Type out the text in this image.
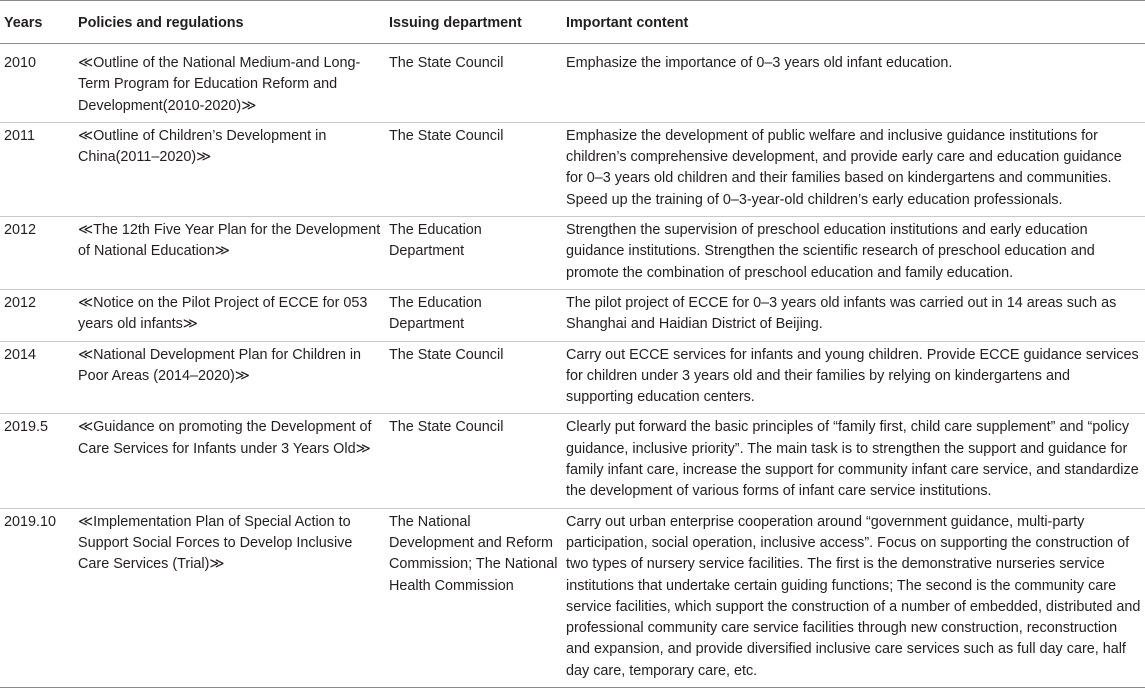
Years	Policies and regulations	Issuing department	Important content
2010	≪Outline of the National Medium-and Long-Term Program for Education Reform and Development(2010-2020)≫	The State Council	Emphasize the importance of 0–3 years old infant education.
2011	≪Outline of Children’s Development in China(2011–2020)≫	The State Council	Emphasize the development of public welfare and inclusive guidance institutions for children’s comprehensive development, and provide early care and education guidance for 0–3 years old children and their families based on kindergartens and communities. Speed up the training of 0–3-year-old children’s early education professionals.
2012	≪The 12th Five Year Plan for the Development of National Education≫	The Education Department	Strengthen the supervision of preschool education institutions and early education guidance institutions. Strengthen the scientific research of preschool education and promote the combination of preschool education and family education.
2012	≪Notice on the Pilot Project of ECCE for 053 years old infants≫	The Education Department	The pilot project of ECCE for 0–3 years old infants was carried out in 14 areas such as Shanghai and Haidian District of Beijing.
2014	≪National Development Plan for Children in Poor Areas (2014–2020)≫	The State Council	Carry out ECCE services for infants and young children. Provide ECCE guidance services for children under 3 years old and their families by relying on kindergartens and supporting education centers.
2019.5	≪Guidance on promoting the Development of Care Services for Infants under 3 Years Old≫	The State Council	Clearly put forward the basic principles of “family first, child care supplement” and “policy guidance, inclusive priority”. The main task is to strengthen the support and guidance for family infant care, increase the support for community infant care service, and standardize the development of various forms of infant care service institutions.
2019.10	≪Implementation Plan of Special Action to Support Social Forces to Develop Inclusive Care Services (Trial)≫	The National Development and Reform Commission; The National Health Commission	Carry out urban enterprise cooperation around “government guidance, multi-party participation, social operation, inclusive access”. Focus on supporting the construction of two types of nursery service facilities. The first is the demonstrative nurseries service institutions that undertake certain guiding functions; The second is the community care service facilities, which support the construction of a number of embedded, distributed and professional community care service facilities through new construction, reconstruction and expansion, and provide diversified inclusive care services such as full day care, half day care, temporary care, etc.
